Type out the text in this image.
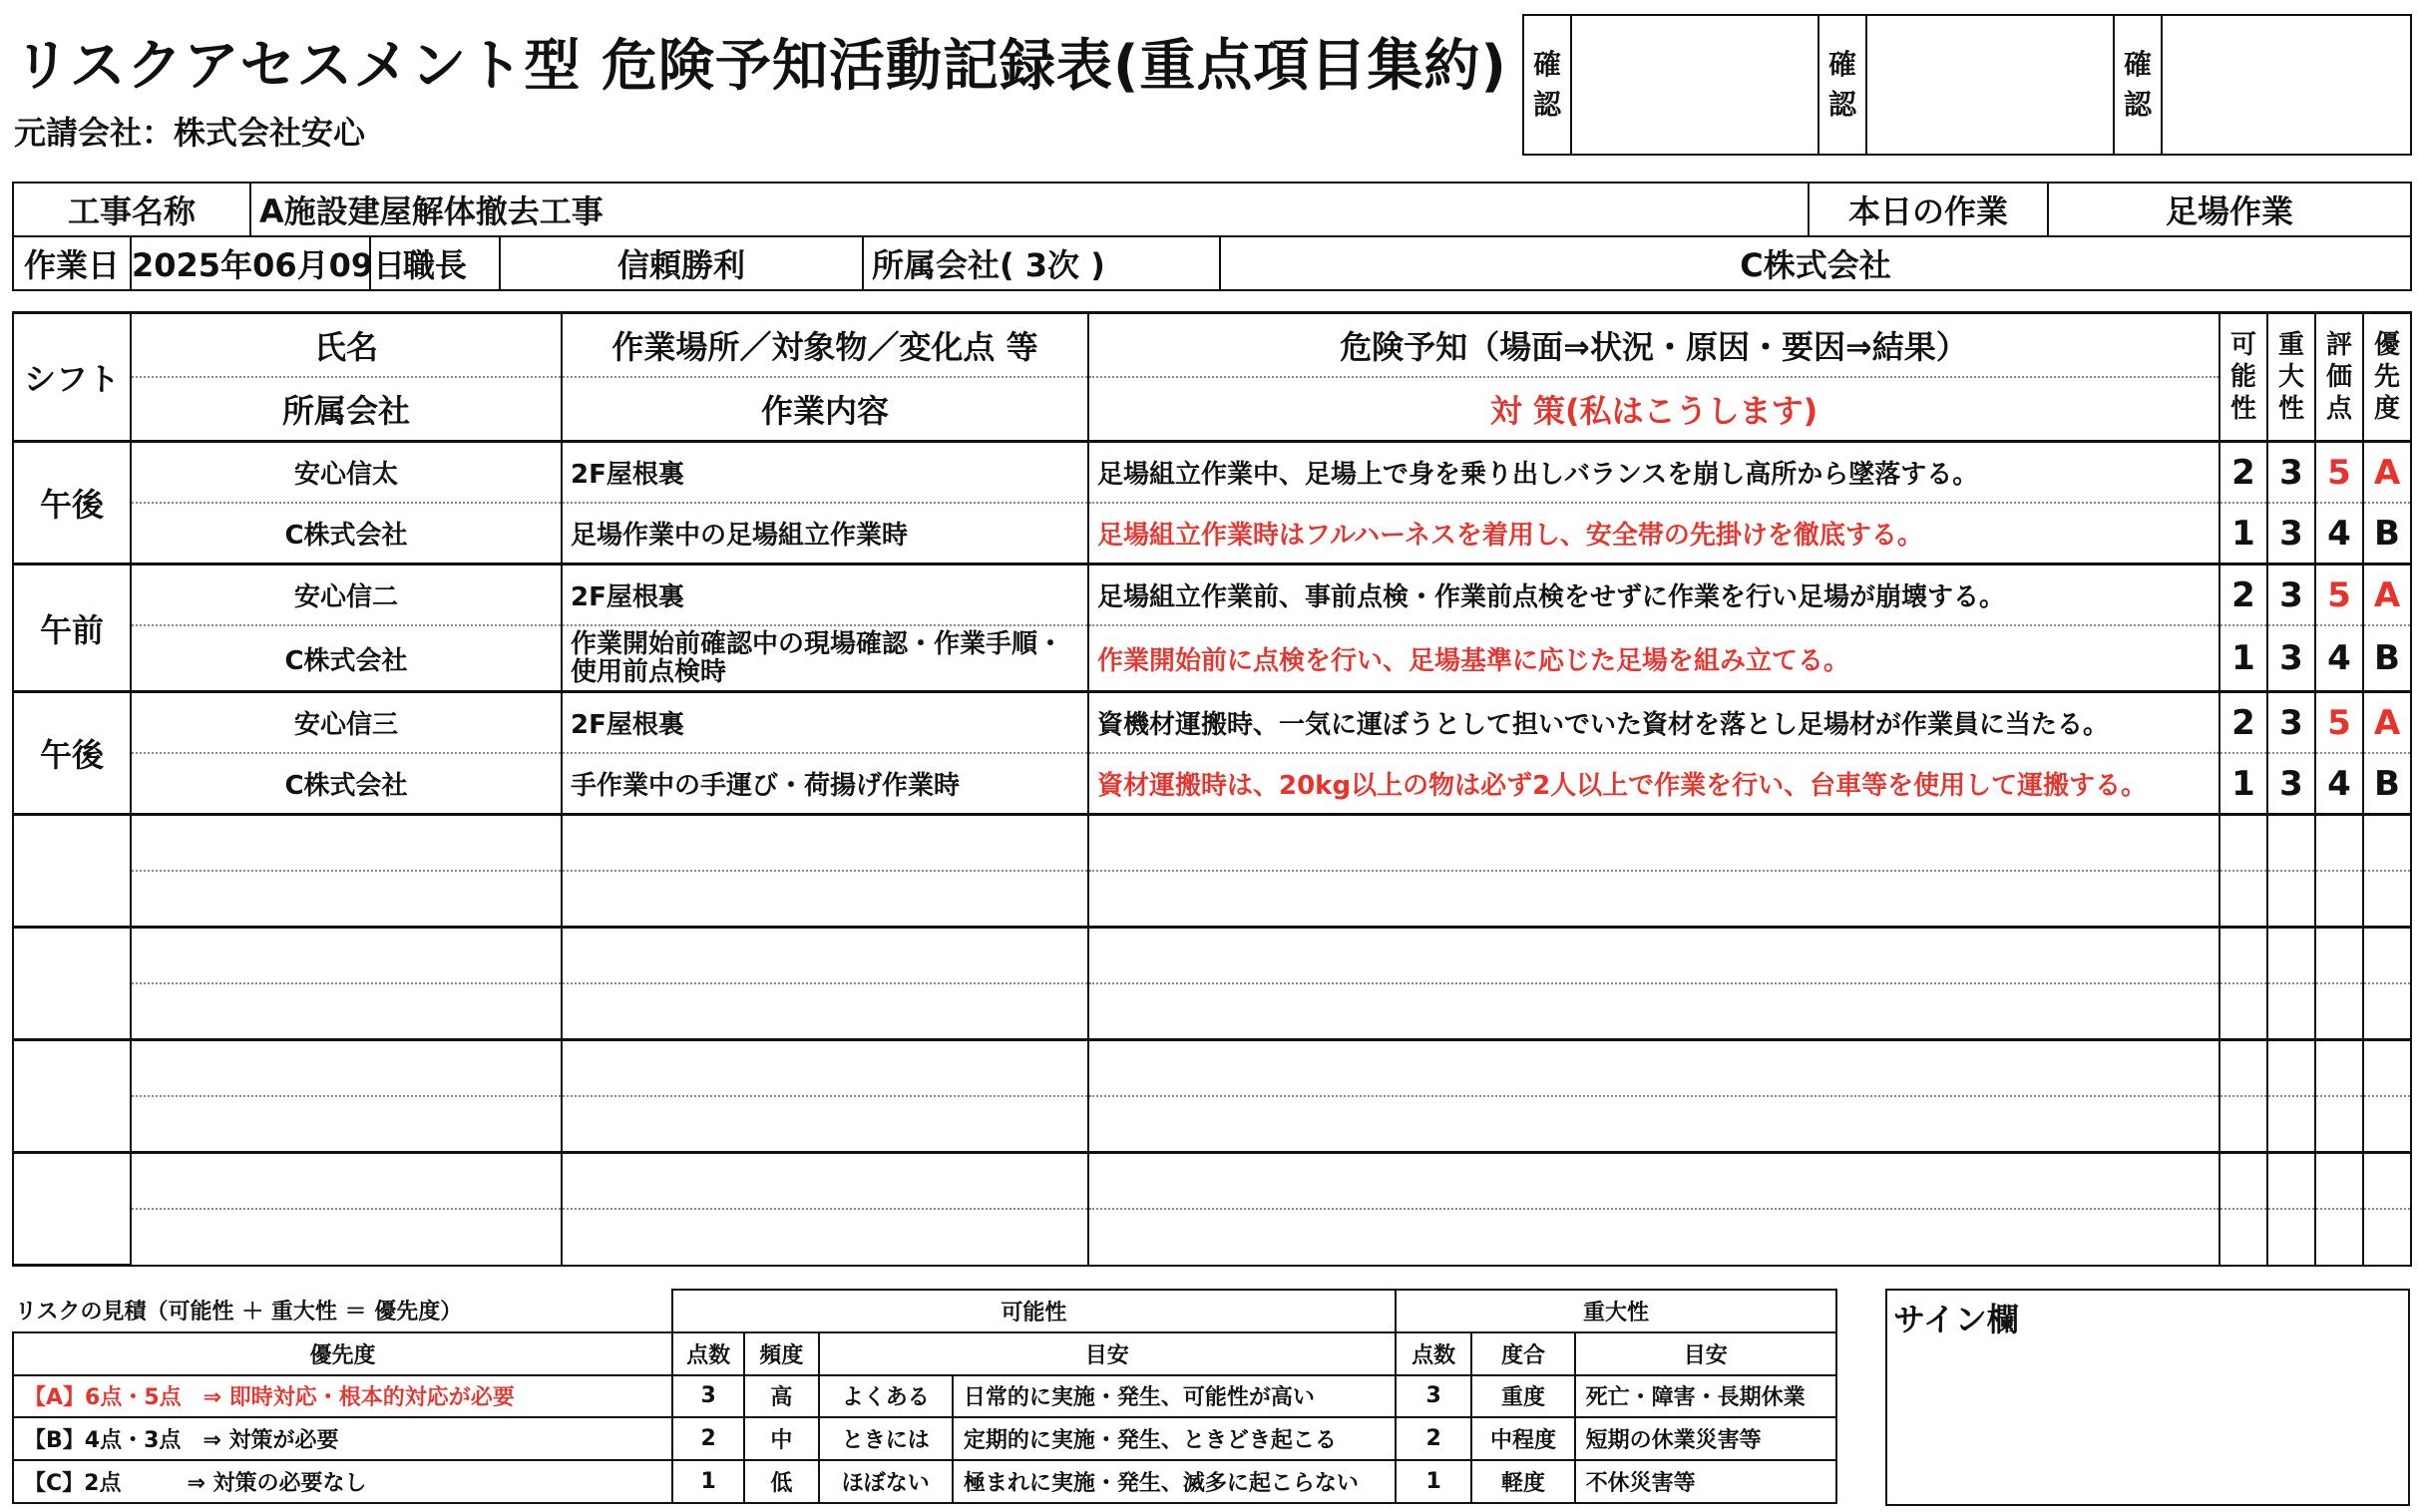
リスクアセスメント型 危険予知活動記録表(重点項目集約)
元請会社：株式会社安心
確認		確認		確認	
工事名称		A施設建屋解体撤去工事					本日の作業	足場作業
作業日	2025年06月09日		職長	信頼勝利	所属会社( 3次 )	C株式会社		
シフト	氏名	作業場所／対象物／変化点 等	危険予知（場面⇒状況・原因・要因⇒結果）	可能性	重大性	評価点	優先度
	所属会社	作業内容	対 策(私はこうします)				
午後	安心信太	2F屋根裏	足場組立作業中、足場上で身を乗り出しバランスを崩し高所から墜落する。	2	3	5	A
	C株式会社	足場作業中の足場組立作業時	足場組立作業時はフルハーネスを着用し、安全帯の先掛けを徹底する。	1	3	4	B
午前	安心信二	2F屋根裏	足場組立作業前、事前点検・作業前点検をせずに作業を行い足場が崩壊する。	2	3	5	A
	C株式会社	作業開始前確認中の現場確認・作業手順・使用前点検時	作業開始前に点検を行い、足場基準に応じた足場を組み立てる。	1	3	4	B
午後	安心信三	2F屋根裏	資機材運搬時、一気に運ぼうとして担いでいた資材を落とし足場材が作業員に当たる。	2	3	5	A
	C株式会社	手作業中の手運び・荷揚げ作業時	資材運搬時は、20kg以上の物は必ず2人以上で作業を行い、台車等を使用して運搬する。	1	3	4	B

リスクの見積（可能性 ＋ 重大性 ＝ 優先度）	可能性				重大性		
優先度	点数	頻度	目安		点数	度合	目安
【A】6点・5点　⇒ 即時対応・根本的対応が必要	3	高	よくある	日常的に実施・発生、可能性が高い	3	重度	死亡・障害・長期休業
【B】4点・3点　⇒ 対策が必要	2	中	ときには	定期的に実施・発生、ときどき起こる	2	中程度	短期の休業災害等
【C】2点　　　⇒ 対策の必要なし	1	低	ほぼない	極まれに実施・発生、滅多に起こらない	1	軽度	不休災害等
サイン欄
